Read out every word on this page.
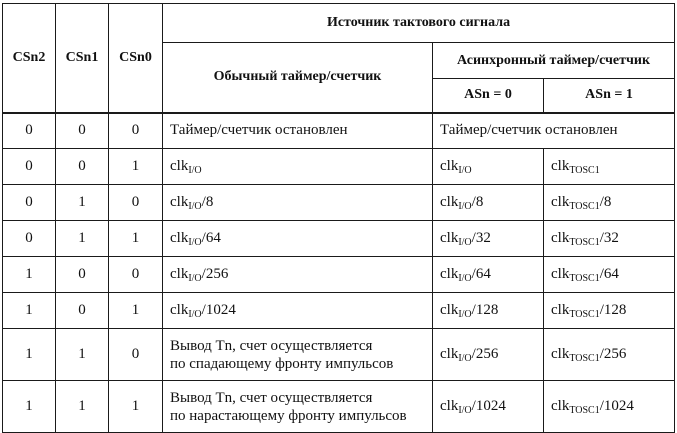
CSn2	CSn1	CSn0	Источник тактового сигнала		
			Обычный таймер/счетчик	Асинхронный таймер/счетчик	
				ASn = 0	ASn = 1
0	0	0	Таймер/счетчик остановлен	Таймер/счетчик остановлен	
0	0	1	clk$_{I/O}$	clk$_{I/O}$	clk$_{TOSC1}$
0	1	0	clk$_{I/O}$/8	clk$_{I/O}$/8	clk$_{TOSC1}$/8
0	1	1	clk$_{I/O}$/64	clk$_{I/O}$/32	clk$_{TOSC1}$/32
1	0	0	clk$_{I/O}$/256	clk$_{I/O}$/64	clk$_{TOSC1}$/64
1	0	1	clk$_{I/O}$/1024	clk$_{I/O}$/128	clk$_{TOSC1}$/128
1	1	0	Вывод Tn, счет осуществляется
по спадающему фронту импульсов	clk$_{I/O}$/256	clk$_{TOSC1}$/256
1	1	1	Вывод Tn, счет осуществляется
по нарастающему фронту импульсов	clk$_{I/O}$/1024	clk$_{TOSC1}$/1024
